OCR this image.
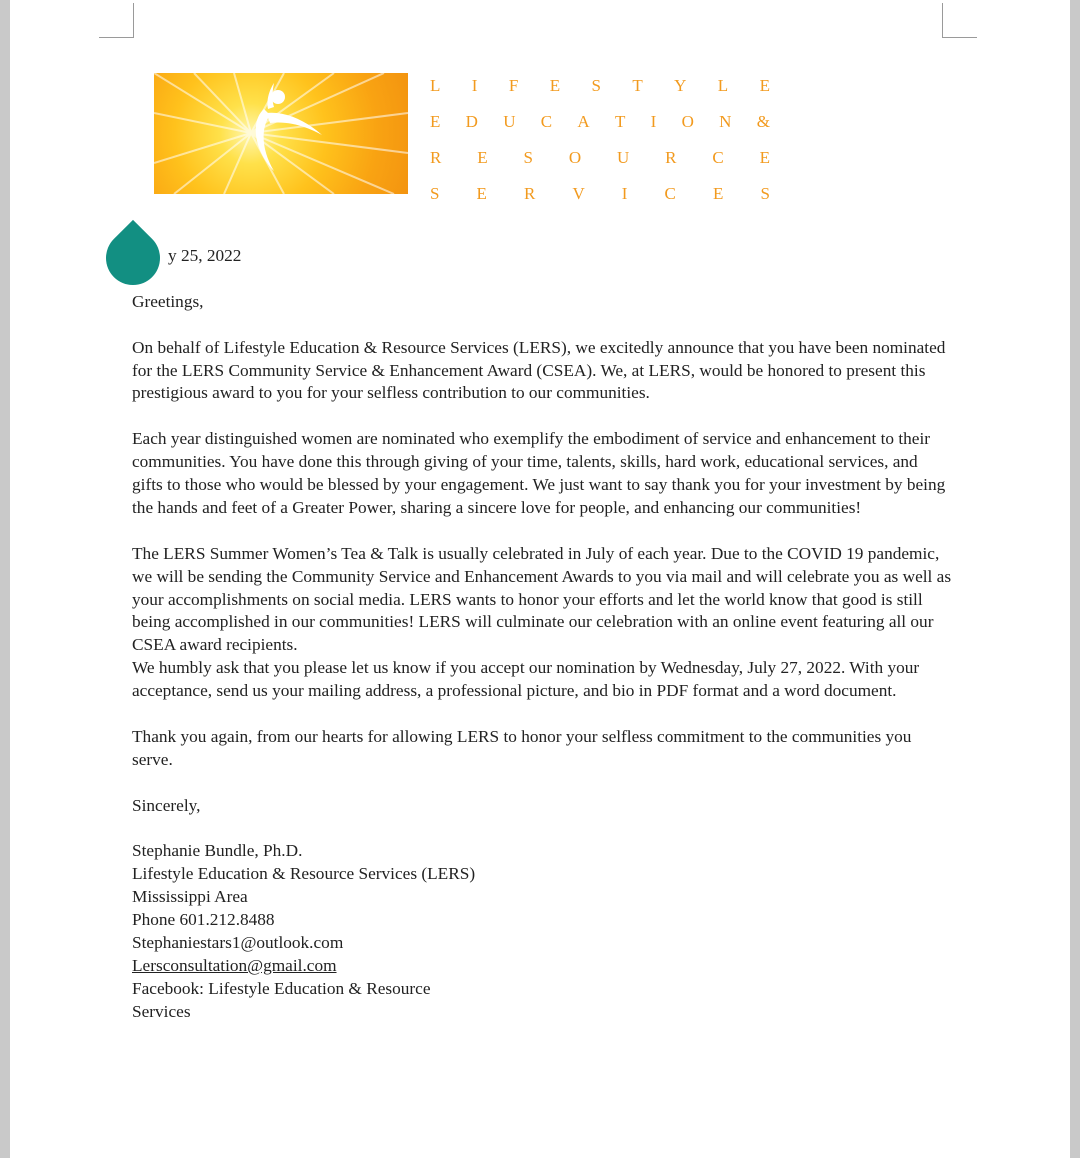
L I F E S T Y L E
E D U C A T I O N &
R E S O U R C E
S E R V I C E S

y 25, 2022

Greetings,

On behalf of Lifestyle Education & Resource Services (LERS), we excitedly announce that you have been nominated for the LERS Community Service & Enhancement Award (CSEA). We, at LERS, would be honored to present this prestigious award to you for your selfless contribution to our communities.

Each year distinguished women are nominated who exemplify the embodiment of service and enhancement to their communities. You have done this through giving of your time, talents, skills, hard work, educational services, and gifts to those who would be blessed by your engagement. We just want to say thank you for your investment by being the hands and feet of a Greater Power, sharing a sincere love for people, and enhancing our communities!

The LERS Summer Women’s Tea & Talk is usually celebrated in July of each year. Due to the COVID 19 pandemic, we will be sending the Community Service and Enhancement Awards to you via mail and will celebrate you as well as your accomplishments on social media. LERS wants to honor your efforts and let the world know that good is still being accomplished in our communities! LERS will culminate our celebration with an online event featuring all our CSEA award recipients.

We humbly ask that you please let us know if you accept our nomination by Wednesday, July 27, 2022. With your acceptance, send us your mailing address, a professional picture, and bio in PDF format and a word document.

Thank you again, from our hearts for allowing LERS to honor your selfless commitment to the communities you serve.

Sincerely,

Stephanie Bundle, Ph.D.

Lifestyle Education & Resource Services (LERS)

Mississippi Area

Phone 601.212.8488

Stephaniestars1@outlook.com

Lersconsultation@gmail.com

Facebook: Lifestyle Education & Resource

Services
